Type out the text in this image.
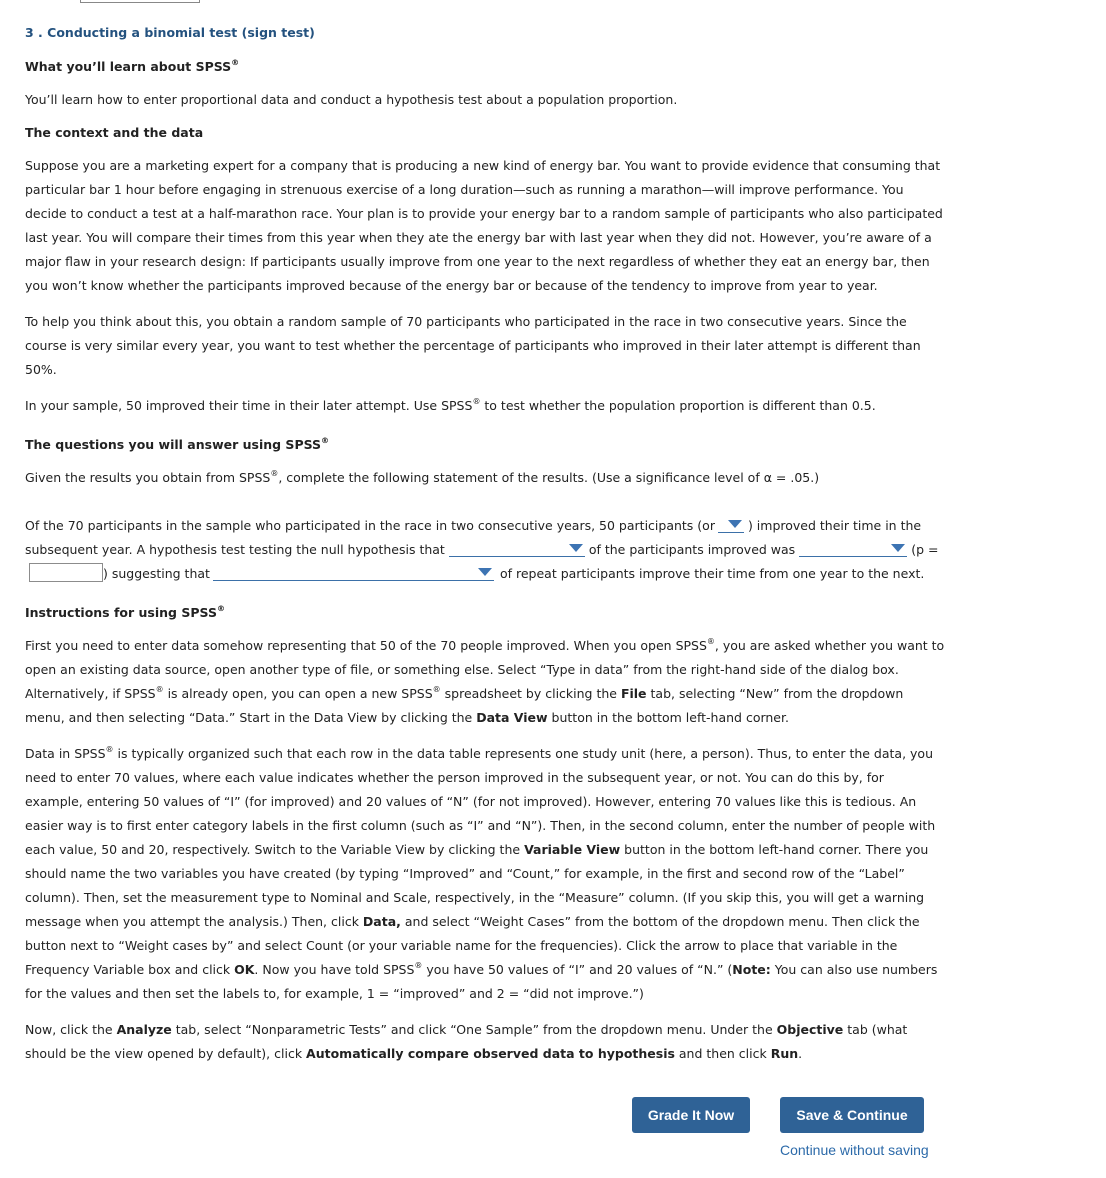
3 . Conducting a binomial test (sign test)
What you’ll learn about SPSS®

You’ll learn how to enter proportional data and conduct a hypothesis test about a population proportion.

The context and the data

Suppose you are a marketing expert for a company that is producing a new kind of energy bar. You want to provide evidence that consuming that particular bar 1 hour before engaging in strenuous exercise of a long duration—such as running a marathon—will improve performance. You decide to conduct a test at a half-marathon race. Your plan is to provide your energy bar to a random sample of participants who also participated last year. You will compare their times from this year when they ate the energy bar with last year when they did not. However, you’re aware of a major flaw in your research design: If participants usually improve from one year to the next regardless of whether they eat an energy bar, then you won’t know whether the participants improved because of the energy bar or because of the tendency to improve from year to year.

To help you think about this, you obtain a random sample of 70 participants who participated in the race in two consecutive years. Since the course is very similar every year, you want to test whether the percentage of participants who improved in their later attempt is different than 50%.

In your sample, 50 improved their time in their later attempt. Use SPSS® to test whether the population proportion is different than 0.5.

The questions you will answer using SPSS®

Given the results you obtain from SPSS®, complete the following statement of the results. (Use a significance level of α = .05.)

Of the 70 participants in the sample who participated in the race in two consecutive years, 50 participants (or	) improved their time in the subsequent year. A hypothesis test testing the null hypothesis that	of the participants improved was	(p =
) suggesting that	of repeat participants improve their time from one year to the next.

Instructions for using SPSS®

First you need to enter data somehow representing that 50 of the 70 people improved. When you open SPSS®, you are asked whether you want to open an existing data source, open another type of file, or something else. Select “Type in data” from the right-hand side of the dialog box. Alternatively, if SPSS® is already open, you can open a new SPSS® spreadsheet by clicking the File tab, selecting “New” from the dropdown menu, and then selecting “Data.” Start in the Data View by clicking the Data View button in the bottom left-hand corner.

Data in SPSS® is typically organized such that each row in the data table represents one study unit (here, a person). Thus, to enter the data, you need to enter 70 values, where each value indicates whether the person improved in the subsequent year, or not. You can do this by, for example, entering 50 values of “I” (for improved) and 20 values of “N” (for not improved). However, entering 70 values like this is tedious. An easier way is to first enter category labels in the first column (such as “I” and “N”). Then, in the second column, enter the number of people with each value, 50 and 20, respectively. Switch to the Variable View by clicking the Variable View button in the bottom left-hand corner. There you should name the two variables you have created (by typing “Improved” and “Count,” for example, in the first and second row of the “Label” column). Then, set the measurement type to Nominal and Scale, respectively, in the “Measure” column. (If you skip this, you will get a warning message when you attempt the analysis.) Then, click Data, and select “Weight Cases” from the bottom of the dropdown menu. Then click the button next to “Weight cases by” and select Count (or your variable name for the frequencies). Click the arrow to place that variable in the Frequency Variable box and click OK. Now you have told SPSS® you have 50 values of “I” and 20 values of “N.” (Note: You can also use numbers for the values and then set the labels to, for example, 1 = “improved” and 2 = “did not improve.”)

Now, click the Analyze tab, select “Nonparametric Tests” and click “One Sample” from the dropdown menu. Under the Objective tab (what should be the view opened by default), click Automatically compare observed data to hypothesis and then click Run.

Grade It Now	Save & Continue
Continue without saving
